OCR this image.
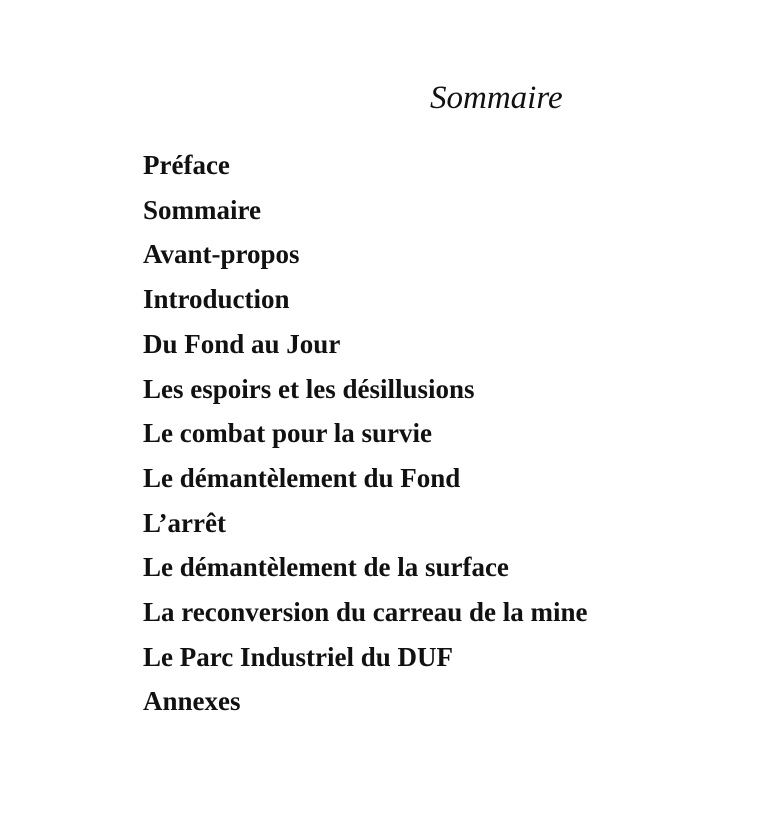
Sommaire
Préface
Sommaire
Avant-propos
Introduction
Du Fond au Jour
Les espoirs et les désillusions
Le combat pour la survie
Le démantèlement du Fond
L’arrêt
Le démantèlement de la surface
La reconversion du carreau de la mine
Le Parc Industriel du DUF
Annexes
